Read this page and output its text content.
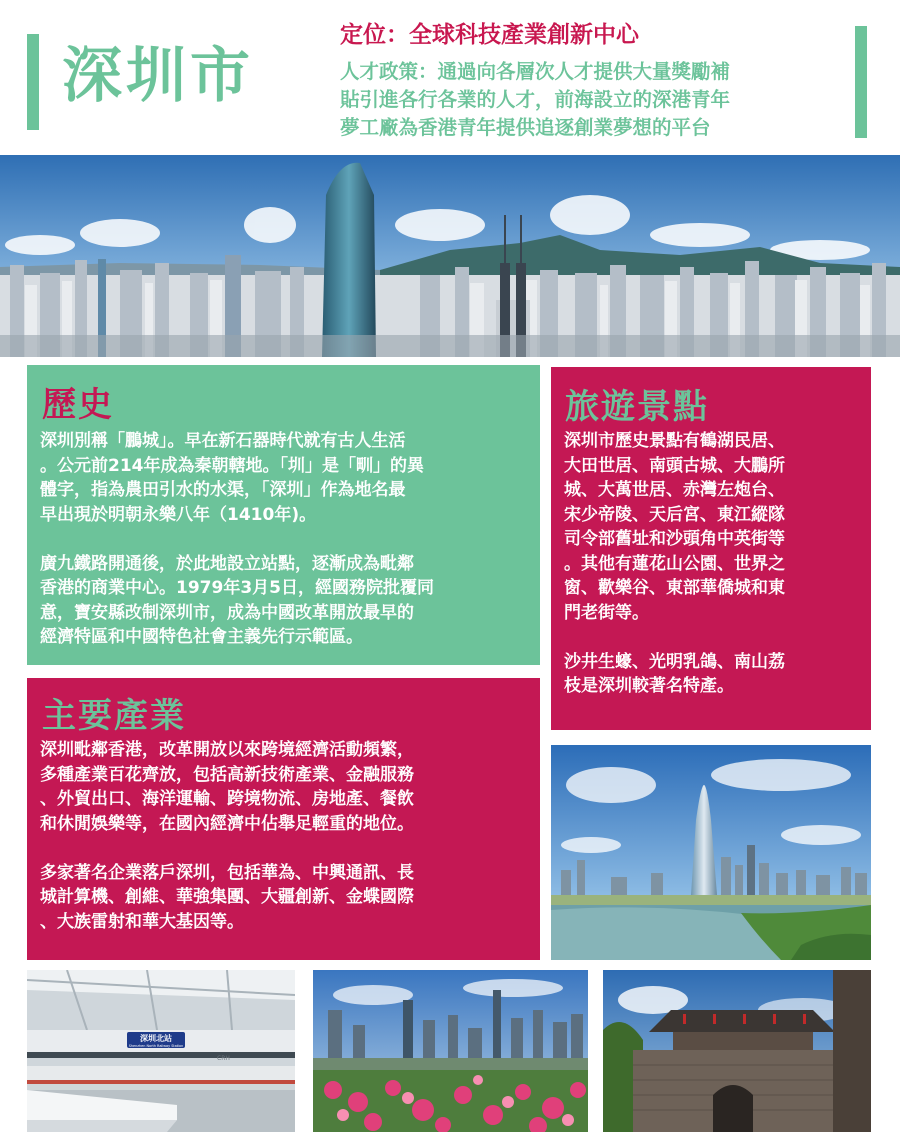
深圳市
定位：全球科技產業創新中心
人才政策：通過向各層次人才提供大量獎勵補
貼引進各行各業的人才，前海設立的深港青年
夢工廠為香港青年提供追逐創業夢想的平台
歷史
深圳別稱「鵬城」。早在新石器時代就有古人生活
。公元前214年成為秦朝轄地。「圳」是「甽」的異
體字，指為農田引水的水渠，「深圳」作為地名最
早出現於明朝永樂八年（1410年)。
廣九鐵路開通後，於此地設立站點，逐漸成為毗鄰
香港的商業中心。1979年3月5日，經國務院批覆同
意，寶安縣改制深圳市，成為中國改革開放最早的
經濟特區和中國特色社會主義先行示範區。
主要產業
深圳毗鄰香港，改革開放以來跨境經濟活動頻繁，
多種產業百花齊放，包括高新技術產業、金融服務
、外貿出口、海洋運輸、跨境物流、房地產、餐飲
和休閒娛樂等，在國內經濟中佔舉足輕重的地位。
多家著名企業落戶深圳，包括華為、中興通訊、長
城計算機、創維、華強集團、大疆創新、金蝶國際
、大族雷射和華大基因等。
旅遊景點
深圳市歷史景點有鶴湖民居、
大田世居、南頭古城、大鵬所
城、大萬世居、赤灣左炮台、
宋少帝陵、天后宮、東江縱隊
司令部舊址和沙頭角中英街等
。其他有蓮花山公園、世界之
窗、歡樂谷、東部華僑城和東
門老街等。
沙井生蠔、光明乳鴿、南山荔
枝是深圳較著名特產。
深圳北站
Shenzhen North Railway Station
CRH
